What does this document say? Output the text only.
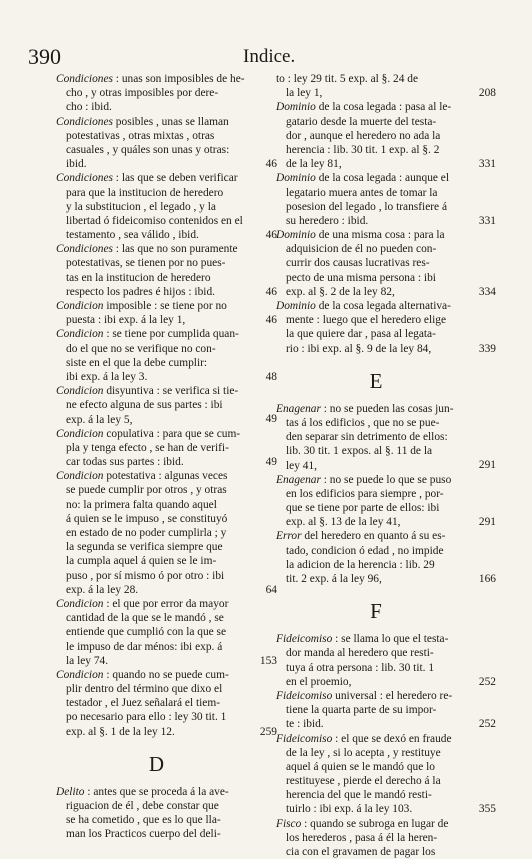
390	Indice.
Condiciones : unas son imposibles de he-
cho , y otras imposibles por dere-
cho : ibid.
Condiciones posibles , unas se llaman
potestativas , otras mixtas , otras
casuales , y quáles son unas y otras:
ibid.	46
Condiciones : las que se deben verificar
para que la institucion de heredero
y la substitucion , el legado , y la
libertad ó fideicomiso contenidos en el
testamento , sea válido , ibid.	46
Condiciones : las que no son puramente
potestativas, se tienen por no pues-
tas en la institucion de heredero
respecto los padres é hijos : ibid.	46
Condicion imposible : se tiene por no
puesta : ibi exp. á la ley 1,	46
Condicion : se tiene por cumplida quan-
do el que no se verifique no con-
siste en el que la debe cumplir:
ibi exp. á la ley 3.	48
Condicion disyuntiva : se verifica si tie-
ne efecto alguna de sus partes : ibi
exp. á la ley 5,	49
Condicion copulativa : para que se cum-
pla y tenga efecto , se han de verifi-
car todas sus partes : ibid.	49
Condicion potestativa : algunas veces
se puede cumplir por otros , y otras
no: la primera falta quando aquel
á quien se le impuso , se constituyó
en estado de no poder cumplirla ; y
la segunda se verifica siempre que
la cumpla aquel á quien se le im-
puso , por sí mismo ó por otro : ibi
exp. á la ley 28.	64
Condicion : el que por error da mayor
cantidad de la que se le mandó , se
entiende que cumplió con la que se
le impuso de dar ménos: ibi exp. á
la ley 74.	153
Condicion : quando no se puede cum-
plir dentro del término que dixo el
testador , el Juez señalará el tiem-
po necesario para ello : ley 30 tit. 1
exp. al §. 1 de la ley 12.	259
D
Delito : antes que se proceda á la ave-
riguacion de él , debe constar que
se ha cometido , que es lo que lla-
man los Practicos cuerpo del deli-
to : ley 29 tit. 5 exp. al §. 24 de
la ley 1,	208
Dominio de la cosa legada : pasa al le-
gatario desde la muerte del testa-
dor , aunque el heredero no ada la
herencia : lib. 30 tit. 1 exp. al §. 2
de la ley 81,	331
Dominio de la cosa legada : aunque el
legatario muera antes de tomar la
posesion del legado , lo transfiere á
su heredero : ibid.	331
Dominio de una misma cosa : para la
adquisicion de él no pueden con-
currir dos causas lucrativas res-
pecto de una misma persona : ibi
exp. al §. 2 de la ley 82,	334
Dominio de la cosa legada alternativa-
mente : luego que el heredero elige
la que quiere dar , pasa al legata-
rio : ibi exp. al §. 9 de la ley 84,	339
E
Enagenar : no se pueden las cosas jun-
tas á los edificios , que no se pue-
den separar sin detrimento de ellos:
lib. 30 tit. 1 expos. al §. 11 de la
ley 41,	291
Enagenar : no se puede lo que se puso
en los edificios para siempre , por-
que se tiene por parte de ellos: ibi
exp. al §. 13 de la ley 41,	291
Error del heredero en quanto á su es-
tado, condicion ó edad , no impide
la adicion de la herencia : lib. 29
tit. 2 exp. á la ley 96,	166
F
Fideicomiso : se llama lo que el testa-
dor manda al heredero que resti-
tuya á otra persona : lib. 30 tit. 1
en el proemio,	252
Fideicomiso universal : el heredero re-
tiene la quarta parte de su impor-
te : ibid.	252
Fideicomiso : el que se dexó en fraude
de la ley , si lo acepta , y restituye
aquel á quien se le mandó que lo
restituyese , pierde el derecho á la
herencia del que le mandó resti-
tuirlo : ibi exp. á la ley 103.	355
Fisco : quando se subroga en lugar de
los herederos , pasa á él la heren-
cia con el gravamen de pagar los
